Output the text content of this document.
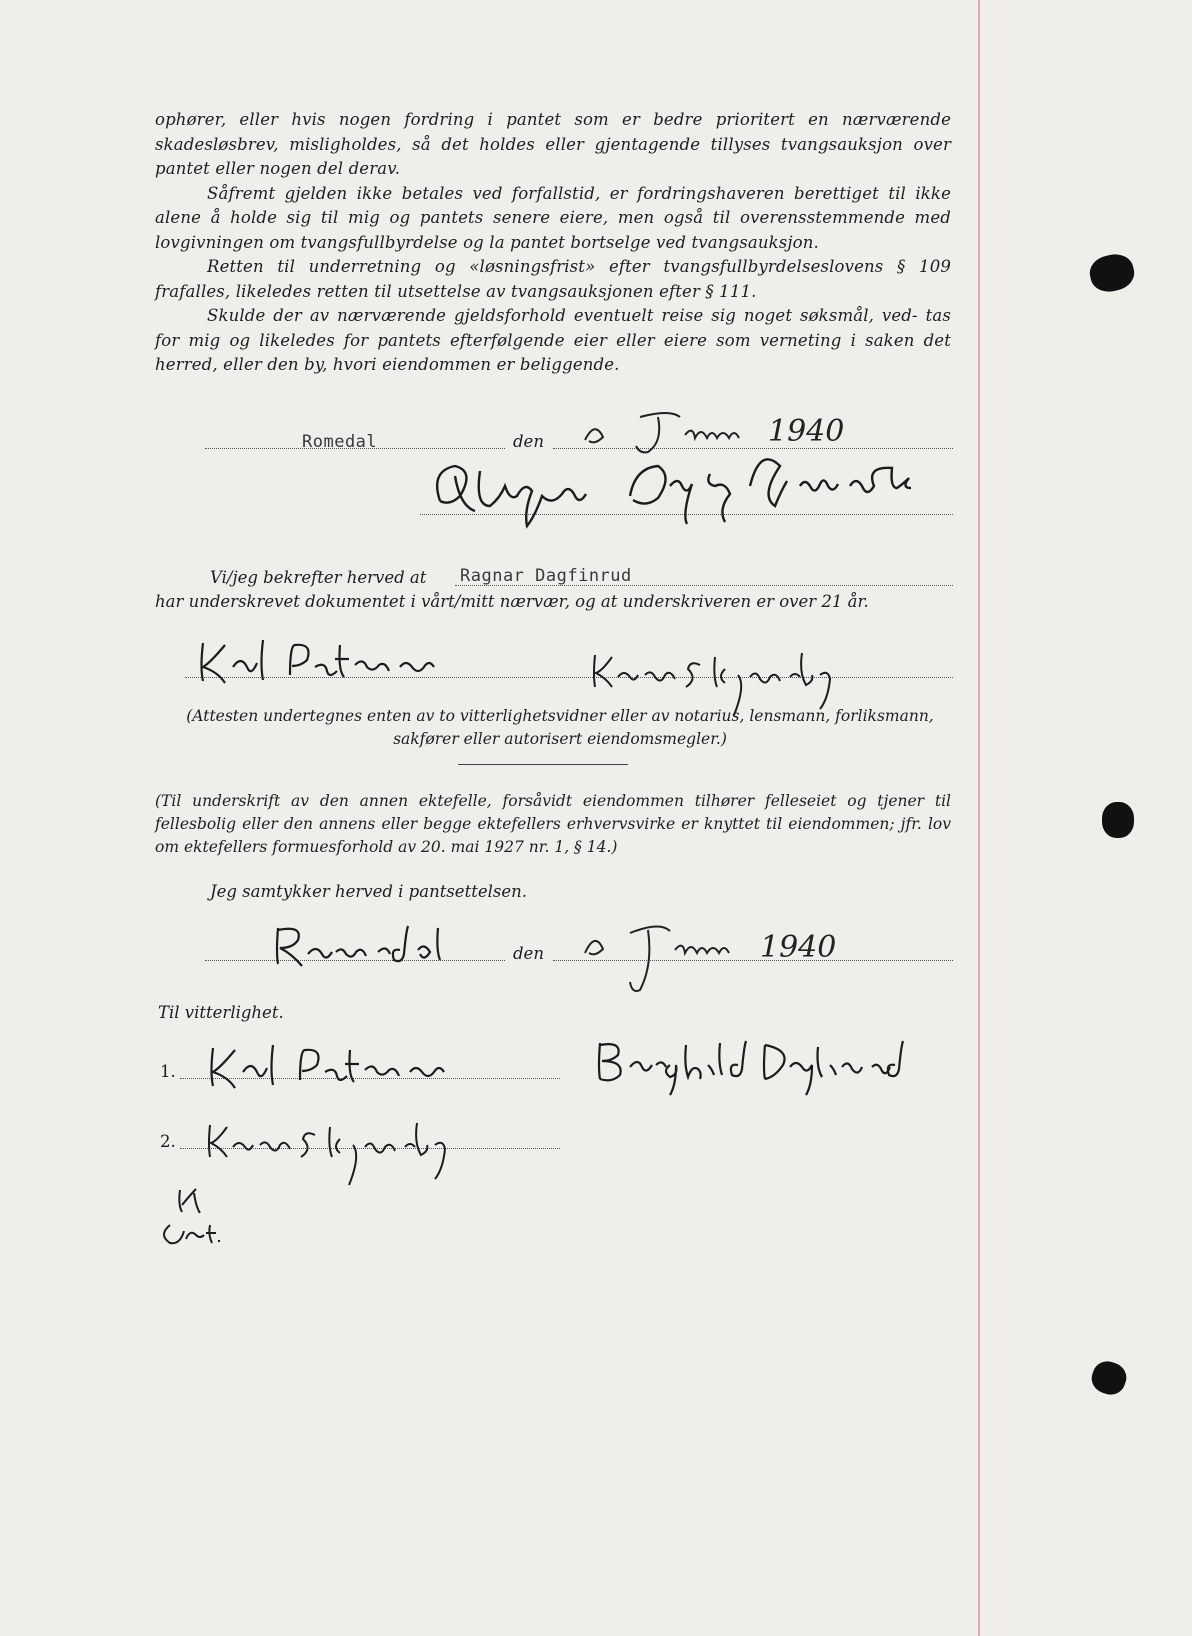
ophører, eller hvis nogen fordring i pantet som er bedre prioritert en nærværende skadesløsbrev, misligholdes, så det holdes eller gjentagende tillyses tvangsauksjon over pantet eller nogen del derav.

Såfremt gjelden ikke betales ved forfallstid, er fordringshaveren berettiget til ikke alene å holde sig til mig og pantets senere eiere, men også til overensstemmende med lovgivningen om tvangsfullbyrdelse og la pantet bortselge ved tvangsauksjon.

Retten til underretning og «løsningsfrist» efter tvangsfullbyrdelseslovens § 109 frafalles, likeledes retten til utsettelse av tvangsauksjonen efter § 111.

Skulde der av nærværende gjeldsforhold eventuelt reise sig noget søksmål, ved- tas for mig og likeledes for pantets efterfølgende eier eller eiere som verneting i saken det herred, eller den by, hvori eiendommen er beliggende.

Romedal	den	1940
Vi/jeg bekrefter herved at Ragnar Dagfinrud
har underskrevet dokumentet i vårt/mitt nærvær, og at underskriveren er over 21 år.
(Attesten undertegnes enten av to vitterlighetsvidner eller av notarius, lensmann, forliksmann, sakfører eller autorisert eiendomsmegler.)
(Til underskrift av den annen ektefelle, forsåvidt eiendommen tilhører felleseiet og tjener til fellesbolig eller den annens eller begge ektefellers erhvervsvirke er knyttet til eiendommen; jfr. lov om ektefellers formuesforhold av 20. mai 1927 nr. 1, § 14.)
Jeg samtykker herved i pantsettelsen.
den	1940
Til vitterlighet.
1.
2.
